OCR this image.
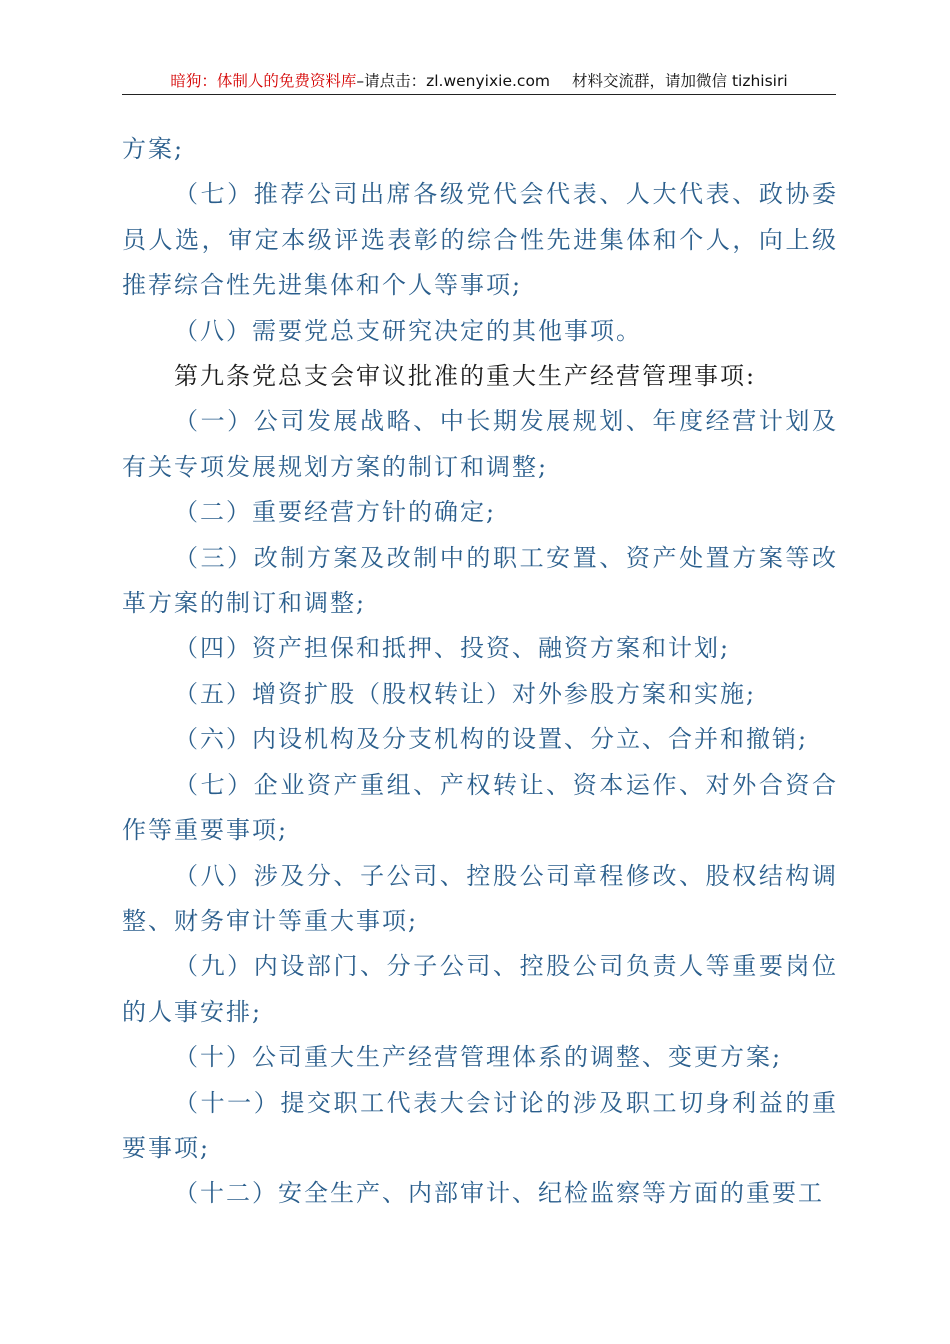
暗狗：体制人的免费资料库–请点击：zl.wenyixie.com 材料交流群，请加微信 tizhisiri

方案;

（七）推荐公司出席各级党代会代表、人大代表、政协委员人选，审定本级评选表彰的综合性先进集体和个人，向上级推荐综合性先进集体和个人等事项;

（八）需要党总支研究决定的其他事项。

第九条党总支会审议批准的重大生产经营管理事项:

（一）公司发展战略、中长期发展规划、年度经营计划及有关专项发展规划方案的制订和调整;

（二）重要经营方针的确定;

（三）改制方案及改制中的职工安置、资产处置方案等改革方案的制订和调整;

（四）资产担保和抵押、投资、融资方案和计划;

（五）增资扩股（股权转让）对外参股方案和实施;

（六）内设机构及分支机构的设置、分立、合并和撤销;

（七）企业资产重组、产权转让、资本运作、对外合资合作等重要事项;

（八）涉及分、子公司、控股公司章程修改、股权结构调整、财务审计等重大事项;

（九）内设部门、分子公司、控股公司负责人等重要岗位的人事安排;

（十）公司重大生产经营管理体系的调整、变更方案;

（十一）提交职工代表大会讨论的涉及职工切身利益的重要事项;

（十二）安全生产、内部审计、纪检监察等方面的重要工
